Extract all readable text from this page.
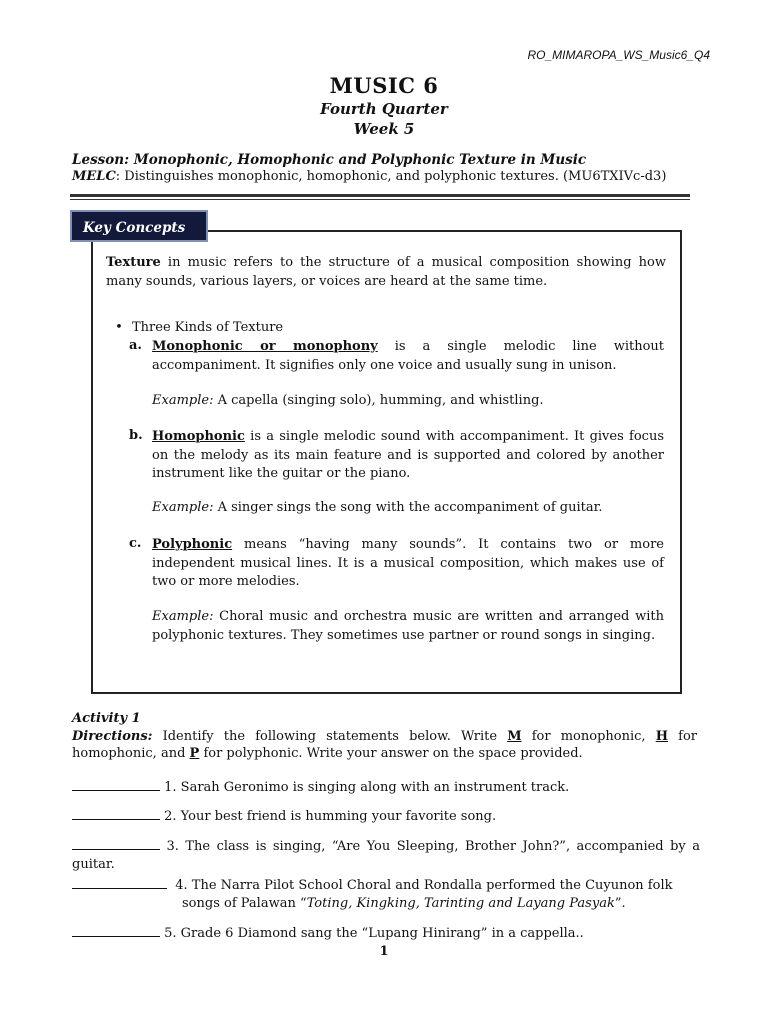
RO_MIMAROPA_WS_Music6_Q4
MUSIC 6
Fourth Quarter
Week 5
Lesson: Monophonic, Homophonic and Polyphonic Texture in Music
MELC: Distinguishes monophonic, homophonic, and polyphonic textures. (MU6TXIVc-d3)
Texture in music refers to the structure of a musical composition showing how many sounds, various layers, or voices are heard at the same time.
• Three Kinds of Texture
a. Monophonic or monophony is a single melodic line without accompaniment. It signifies only one voice and usually sung in unison.
Example: A capella (singing solo), humming, and whistling.
b. Homophonic is a single melodic sound with accompaniment. It gives focus on the melody as its main feature and is supported and colored by another instrument like the guitar or the piano.
Example: A singer sings the song with the accompaniment of guitar.
c. Polyphonic means “having many sounds”. It contains two or more independent musical lines. It is a musical composition, which makes use of two or more melodies.
Example: Choral music and orchestra music are written and arranged with polyphonic textures. They sometimes use partner or round songs in singing.
Key Concepts
Activity 1
Directions: Identify the following statements below. Write M for monophonic, H for homophonic, and P for polyphonic. Write your answer on the space provided.
1. Sarah Geronimo is singing along with an instrument track.
2. Your best friend is humming your favorite song.
3. The class is singing, “Are You Sleeping, Brother John?”, accompanied by a guitar.
4. The Narra Pilot School Choral and Rondalla performed the Cuyunon folk
songs of Palawan “Toting, Kingking, Tarinting and Layang Pasyak”.
5. Grade 6 Diamond sang the “Lupang Hinirang” in a cappella..
1
